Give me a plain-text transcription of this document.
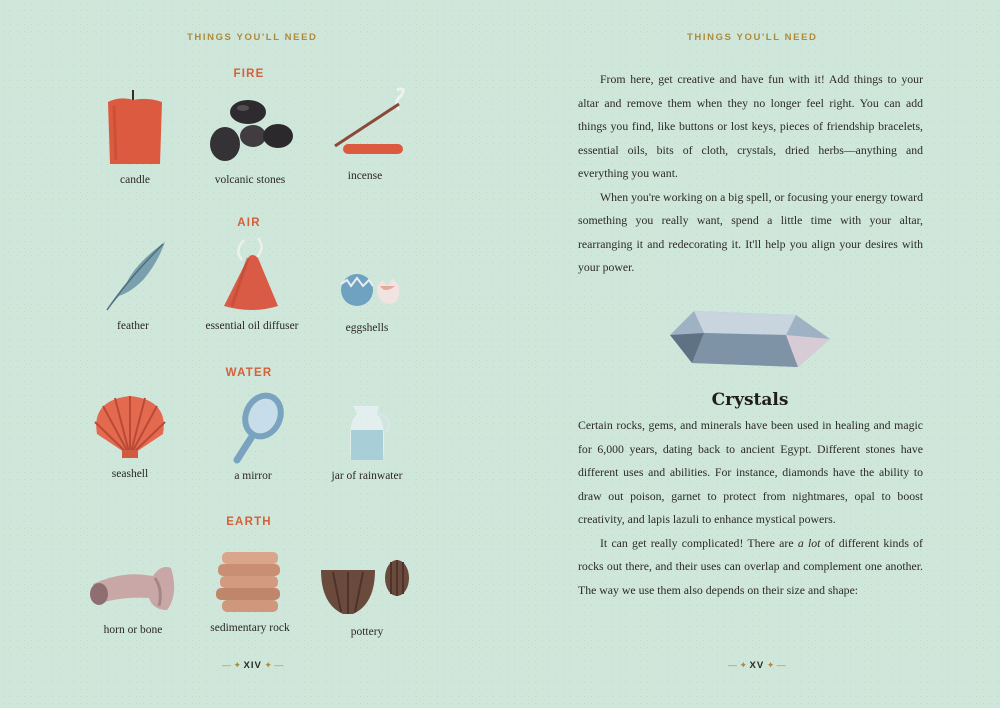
THINGS YOU'LL NEED
FIRE
candle	volcanic stones	incense
AIR
feather	essential oil diffuser	eggshells
WATER
seashell	a mirror	jar of rainwater
EARTH
horn or bone	sedimentary rock	pottery
— ✦ XIV ✦ —
THINGS YOU'LL NEED

From here, get creative and have fun with it! Add things to your altar and remove them when they no longer feel right. You can add things you find, like buttons or lost keys, pieces of friendship bracelets, essential oils, bits of cloth, crystals, dried herbs—anything and everything you want.

When you're working on a big spell, or focusing your energy toward something you really want, spend a little time with your altar, rearranging it and redecorating it. It'll help you align your desires with your power.

Crystals

Certain rocks, gems, and minerals have been used in healing and magic for 6,000 years, dating back to ancient Egypt. Different stones have different uses and abilities. For instance, diamonds have the ability to draw out poison, garnet to protect from nightmares, opal to boost creativity, and lapis lazuli to enhance mystical powers.

It can get really complicated! There are a lot of different kinds of rocks out there, and their uses can overlap and complement one another. The way we use them also depends on their size and shape:

— ✦ XV ✦ —
